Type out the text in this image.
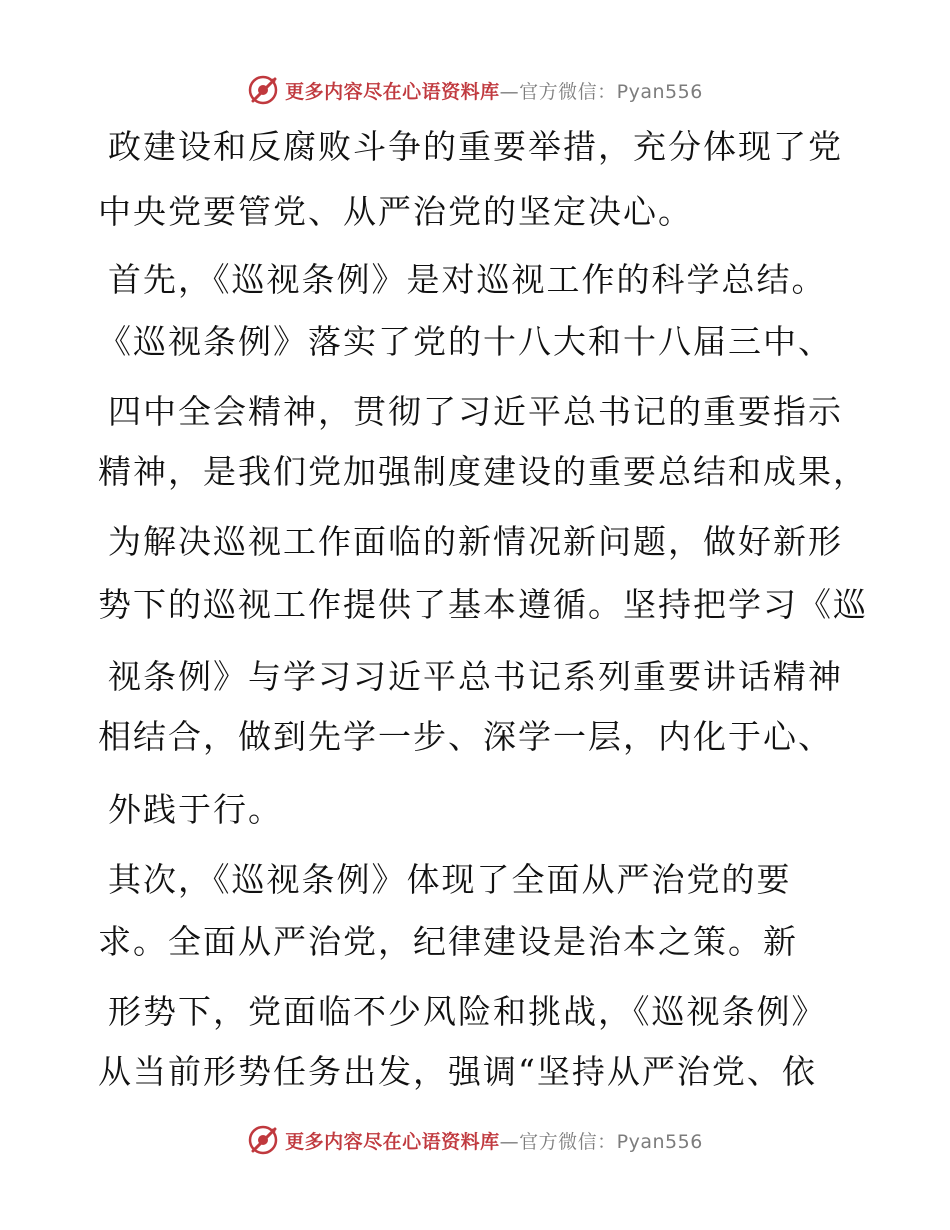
更多内容尽在心语资料库—官方微信：Pyan556
政建设和反腐败斗争的重要举措，充分体现了党
中央党要管党、从严治党的坚定决心。
首先，《巡视条例》是对巡视工作的科学总结。
《巡视条例》落实了党的十八大和十八届三中、
四中全会精神，贯彻了习近平总书记的重要指示
精神，是我们党加强制度建设的重要总结和成果，
为解决巡视工作面临的新情况新问题，做好新形
势下的巡视工作提供了基本遵循。坚持把学习《巡
视条例》与学习习近平总书记系列重要讲话精神
相结合，做到先学一步、深学一层，内化于心、
外践于行。
其次，《巡视条例》体现了全面从严治党的要
求。全面从严治党，纪律建设是治本之策。新
形势下，党面临不少风险和挑战，《巡视条例》
从当前形势任务出发，强调“坚持从严治党、依
更多内容尽在心语资料库—官方微信：Pyan556
